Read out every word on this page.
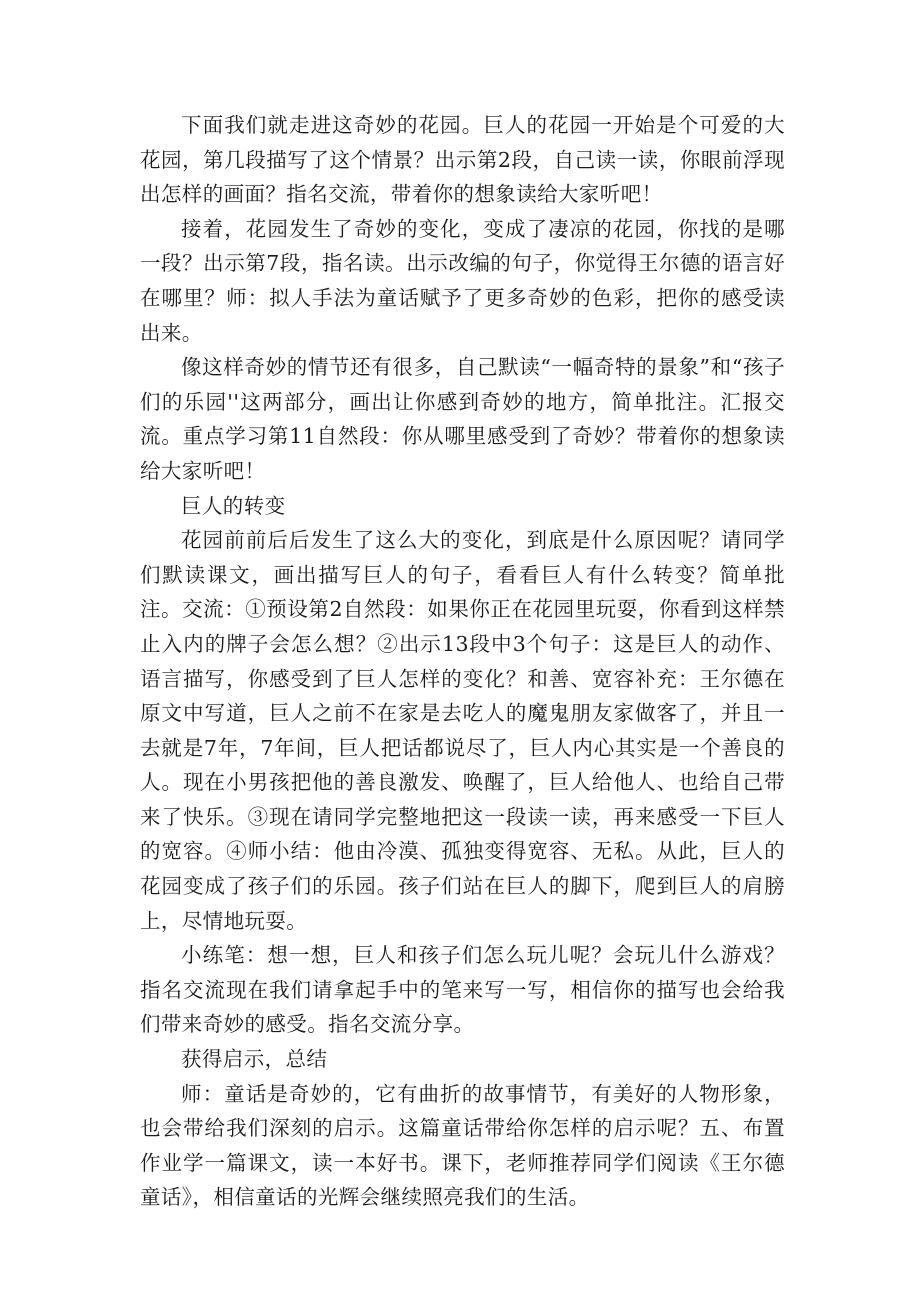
下面我们就走进这奇妙的花园。巨人的花园一开始是个可爱的大花园，第几段描写了这个情景？出示第2段，自己读一读，你眼前浮现出怎样的画面？指名交流，带着你的想象读给大家听吧！

接着，花园发生了奇妙的变化，变成了凄凉的花园，你找的是哪一段？出示第7段，指名读。出示改编的句子，你觉得王尔德的语言好在哪里？师：拟人手法为童话赋予了更多奇妙的色彩，把你的感受读出来。

像这样奇妙的情节还有很多，自己默读“一幅奇特的景象”和“孩子们的乐园''这两部分，画出让你感到奇妙的地方，简单批注。汇报交流。重点学习第11自然段：你从哪里感受到了奇妙？带着你的想象读给大家听吧！

巨人的转变

花园前前后后发生了这么大的变化，到底是什么原因呢？请同学们默读课文，画出描写巨人的句子，看看巨人有什么转变？简单批注。交流：①预设第2自然段：如果你正在花园里玩耍，你看到这样禁止入内的牌子会怎么想？②出示13段中3个句子：这是巨人的动作、语言描写，你感受到了巨人怎样的变化？和善、宽容补充：王尔德在原文中写道，巨人之前不在家是去吃人的魔鬼朋友家做客了，并且一去就是7年，7年间，巨人把话都说尽了，巨人内心其实是一个善良的人。现在小男孩把他的善良激发、唤醒了，巨人给他人、也给自己带来了快乐。③现在请同学完整地把这一段读一读，再来感受一下巨人的宽容。④师小结：他由冷漠、孤独变得宽容、无私。从此，巨人的花园变成了孩子们的乐园。孩子们站在巨人的脚下，爬到巨人的肩膀上，尽情地玩耍。

小练笔：想一想，巨人和孩子们怎么玩儿呢？会玩儿什么游戏？指名交流现在我们请拿起手中的笔来写一写，相信你的描写也会给我们带来奇妙的感受。指名交流分享。

获得启示，总结

师：童话是奇妙的，它有曲折的故事情节，有美好的人物形象，也会带给我们深刻的启示。这篇童话带给你怎样的启示呢？五、布置作业学一篇课文，读一本好书。课下，老师推荐同学们阅读《王尔德童话》，相信童话的光辉会继续照亮我们的生活。
